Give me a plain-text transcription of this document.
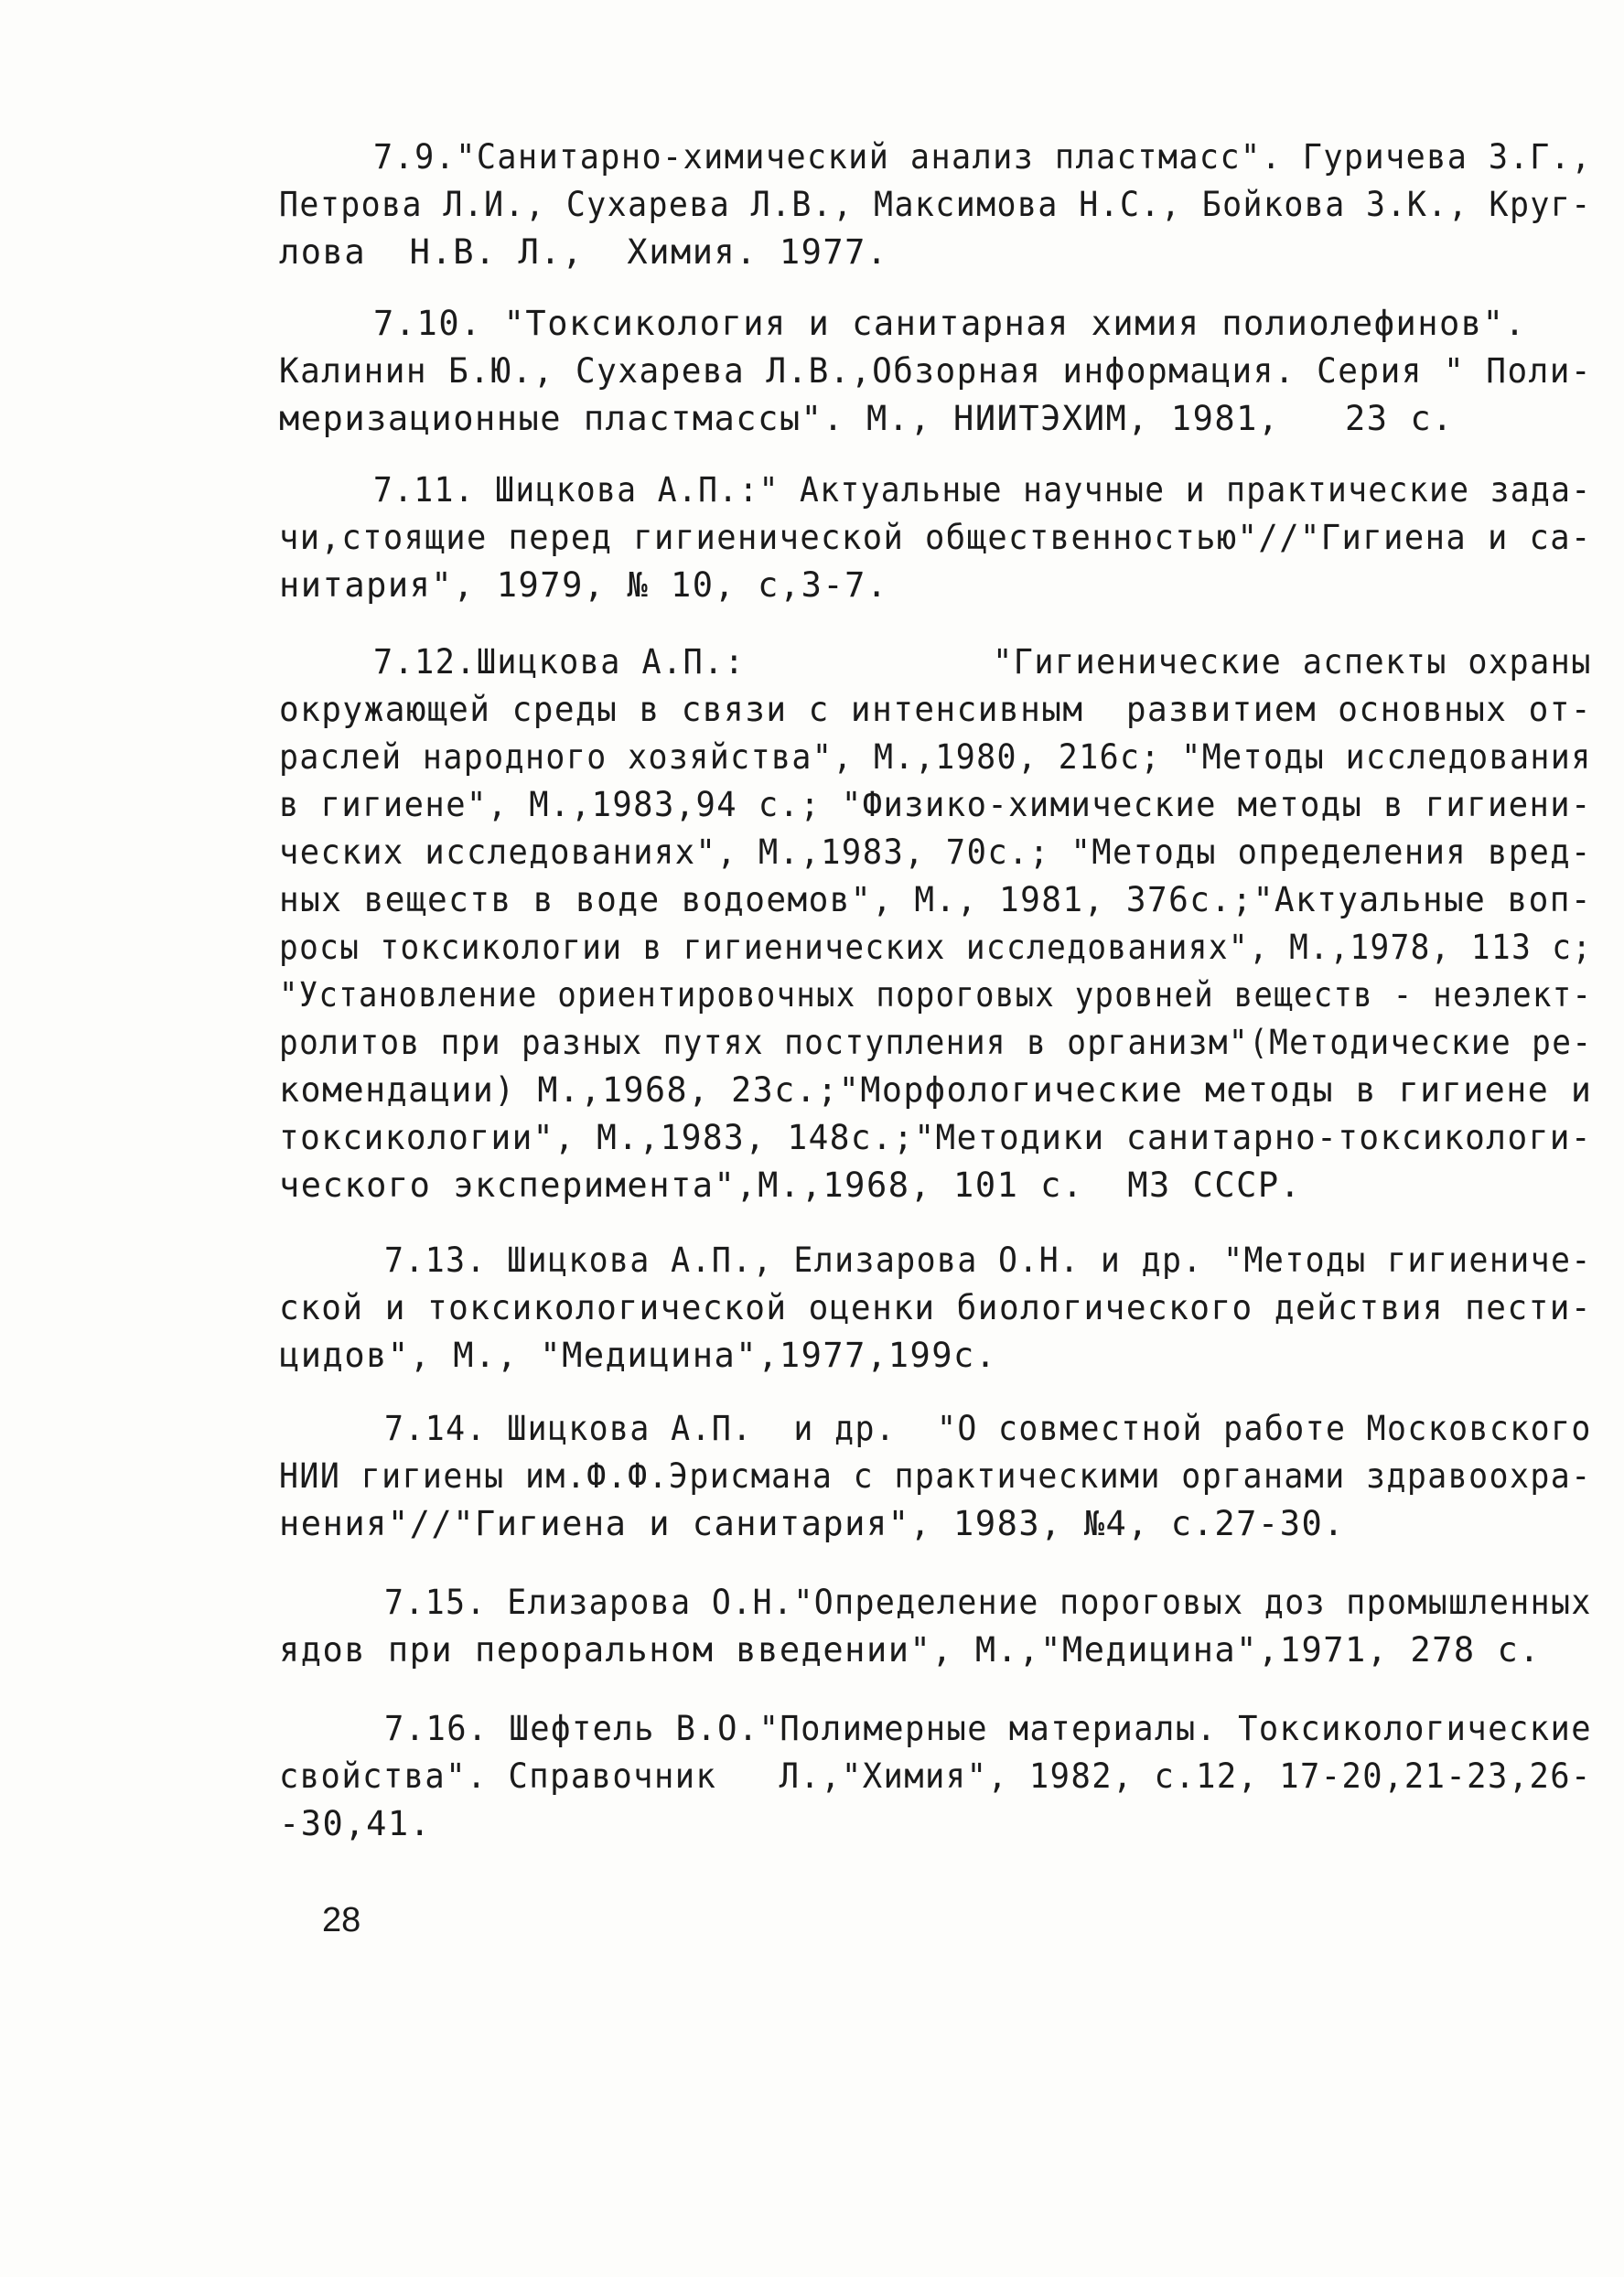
7.9."Санитарно-химический анализ пластмасс". Гуричева З.Г.,
Петрова Л.И., Сухарева Л.В., Максимова Н.С., Бойкова З.К., Круг-
лова  Н.В. Л.,  Химия. 1977.
7.10. "Токсикология и санитарная химия полиолефинов".
Калинин Б.Ю., Сухарева Л.В.,Обзорная информация. Серия " Поли-
меризационные пластмассы". М., НИИТЭХИМ, 1981,   23 с.
7.11. Шицкова А.П.:" Актуальные научные и практические зада-
чи,стоящие перед гигиенической общественностью"//"Гигиена и са-
нитария", 1979, № 10, с,3-7.
7.12.Шицкова А.П.:            "Гигиенические аспекты охраны
окружающей среды в связи с интенсивным  развитием основных от-
раслей народного хозяйства", М.,1980, 216с; "Методы исследования
в гигиене", М.,1983,94 с.; "Физико-химические методы в гигиени-
ческих исследованиях", М.,1983, 70с.; "Методы определения вред-
ных веществ в воде водоемов", М., 1981, 376с.;"Актуальные воп-
росы токсикологии в гигиенических исследованиях", М.,1978, 113 с;
"Установление ориентировочных пороговых уровней веществ - неэлект-
ролитов при разных путях поступления в организм"(Методические ре-
комендации) М.,1968, 23с.;"Морфологические методы в гигиене и
токсикологии", М.,1983, 148с.;"Методики санитарно-токсикологи-
ческого эксперимента",М.,1968, 101 с.  МЗ СССР.
7.13. Шицкова А.П., Елизарова О.Н. и др. "Методы гигиениче-
ской и токсикологической оценки биологического действия пести-
цидов", М., "Медицина",1977,199с.
7.14. Шицкова А.П.  и др.  "О совместной работе Московского
НИИ гигиены им.Ф.Ф.Эрисмана с практическими органами здравоохра-
нения"//"Гигиена и санитария", 1983, №4, с.27-30.
7.15. Елизарова О.Н."Определение пороговых доз промышленных
ядов при пероральном введении", М.,"Медицина",1971, 278 с.
7.16. Шефтель В.О."Полимерные материалы. Токсикологические
свойства". Справочник   Л.,"Химия", 1982, с.12, 17-20,21-23,26-
-30,41.
28
